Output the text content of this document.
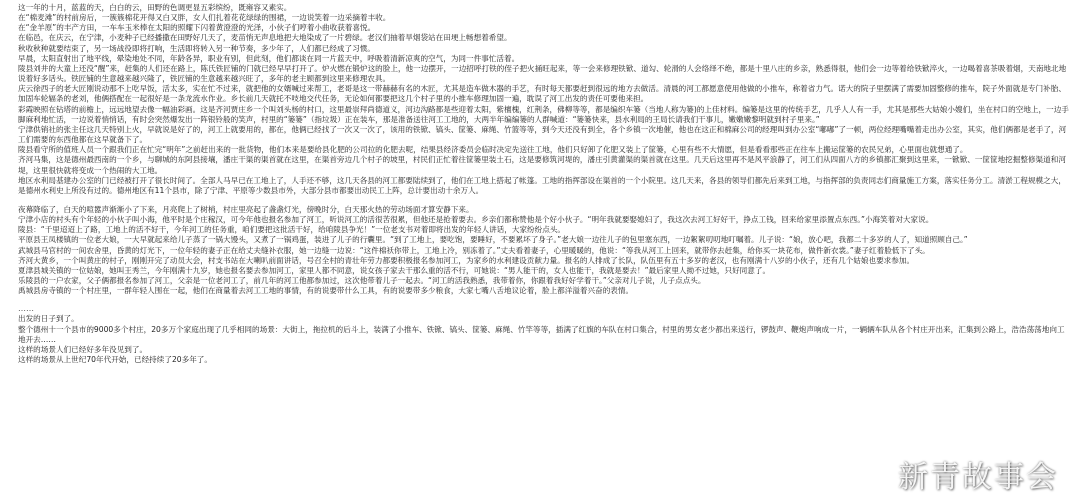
这一年的十月，蓝蓝的天，白白的云，田野的色调更显五彩缤纷，既雍容又素实。

在“棉麦滩”的村前房后，一簇簇棉花开得又白又胖，女人们扎着花花绿绿的围裙，一边说笑着一边采摘着丰收。

在“金羊原”的丰产方田，一车车玉米棒在太阳的照耀下闪着黄澄澄的光泽，小伙子们哼着小曲收获着喜悦。

在临邑，在庆云，在宁津，小麦种子已经播撒在田野好几天了，麦苗悄无声息地把大地染成了一片碧绿。老汉们抽着旱烟袋站在田埂上畅想着希望。

秋收秋种就要结束了，另一场战役即将打响，生活即将转入另一种节奏，多少年了，人们都已经成了习惯。

早晨，太阳直射出了地平线，晕染地处不同，年龄各异，职业有别，但此刻，他们都谈在同一片蓝天中，呼吸着清新凉爽的空气，为同一件事忙活着。

陵县刘井的大童上还没“醒”来，赶集的人们还在路上，陈氏铁匠铺的门就已经早早打开了。炉火燃在锻炉这的脸上，他一边摆开，一边招呼打铁的侄子把火捅旺起来，等一会来修理铁锨、道勾、轮滑的人会络绎不绝，都是十里八庄的乡亲，熟悉得很，他们会一边等着给铁锨淬火，一边喝着喜茶吸着烟，天南地北地说着好多话头。铁匠铺的生意越来越兴隆了，铁匠铺的生意越来越兴旺了，多年的老主顾都到这里来修理农具。

庆云徐西子的老大匠刚说动那不上吃早饭，活太多，实在忙不过来，就把他的女婿喊过来帮工，老哥是这一带赫赫有名的木匠，尤其是造车做木器的手艺，有时每天都要赶到很远的地方去做活。清晨的河工都愿意使用他做的小推车，称着省力气。诺大的院子里摆满了需要加固整修的推车，院子外面就是专门补胎、加固车轮辐条的老刘，他俩搭配在一起很好是一条龙流水作业。乡长前几天就托不吱地交代任务，无论如何都要把这几个村子里的小推车修理加固一遍，耽误了河工出发的责任可要他来担。

彩霞映照在钻塔的前檐上，远远地望去像一幅油彩画。这是齐河贾庄乡一个叫刘头杨的村口，这里最崇拜尚德道义，河边沟路都是些迎着太阳，紫檀槐，红荆条，佛柳等等，都是编织车篓（当地人称为篓)的上佳材料。编篓是这里的传统手艺，几乎人人有一手，尤其是那些大姑娘小嫂们，坐在村口的空地上，一边手脚麻利地忙活，一边说着悄悄话，有时会突然爆发出一阵银铃般的笑声，村里的“篓篓”（指垃圾）正在装车，那是准备送往河工工地的，大两半年编编篓的人群喊道：“篓篓快来，县水利局的王局长请我们干事儿，嫩嫩嫩黎明就到村子里来。”

宁津供销社的张主任这几天特别上火，早就说是好了的，河工上就要用的，都在，他俩已经找了一次又一次了，该用的铁锨、镐头、筐篓、麻绳、竹篮等等，到今天还没有到全，各个乡镇一次地催，他也在这正和棉麻公司的经理叫到办公室“嘟嘟”了一顿，两位经理嘴嘴着走出办公室，其实，他们俩都是老手了，河工们需要的东西他都在这早就备下了。

陵县看守所的值班人员一个跟我们正在忙完“明年”之前赶出来的一批货物，他们本来是要给县化肥的公司拉的化肥去呢，结果县经济委员会临时决定先送往工地，他们只好卸了化肥又装上了筐篓，心里有些不大情愿，但是看看那些正在往车上搬运筐篓的农民兄弟，心里面也就想通了。

齐河马集，这是德州最西南的一个乡，与聊城的东阿县接壤，潘庄干渠的渠首就在这里，在渠首旁边几个村子的坡里，村民们正忙着往筐篓里装土石，这是要修筑河堤的，潘庄引黄灌渠的渠首就在这里。几天后这里再不是风平浪静了，河工们从四面八方的乡镇都汇聚到这里来，一锨锨、一筐筐地挖掘整修渠道和河堤，这里很快就将变成一个热闹的大工地。

地区水利局基建办公室的门已经被打开了很长时间了。全部人马早已在工地上了，人手还不够，这几天各县的河工都要陆续到了，他们在工地上搭起了帐篷。工地的指挥部设在渠首的一个小院里。这几天来，各县的领导们都先后来到工地，与指挥部的负责同志们商量施工方案，落实任务分工。清淤工程规模之大，是德州水利史上所没有过的。德州地区有11个县市，除了宁津、平原等少数县市外，大部分县市都要出动民工上阵，总计要出动十余万人。

夜幕降临了，白天的喧嚣声渐渐小了下来，月亮爬上了树梢，村庄里亮起了盏盏灯光，傍晚时分，白天那火热的劳动场面才算安静下来。

宁津小店的村头有个年轻的小伙子叫小海，他平时是个庄稼汉，可今年他也报名参加了河工，听说河工的活很苦很累，但他还是抢着要去。乡亲们都称赞他是个好小伙子。“明年我就要娶媳妇了，我这次去河工好好干，挣点工钱，回来给家里添置点东西。”小海笑着对大家说。

陵县：“千里迢迢上了路，工地上的活不好干，今年河工的任务重，咱们要把这批活干好，给咱陵县争光！”一位老支书对着即将出发的年轻人讲话，大家纷纷点头。

平原县王凤楼镇的一位老大娘，一大早就起来给儿子蒸了一锅大馒头，又煮了一锅鸡蛋，装进了儿子的行囊里。“到了工地上，要吃饱，要睡好，不要累坏了身子。”老大娘一边往儿子的包里塞东西，一边絮絮叨叨地叮嘱着。儿子说：“娘，放心吧，我都二十多岁的人了，知道照顾自己。”

武城县马官村的一间农舍里，昏黄的灯光下，一位年轻的妻子正在给丈夫缝补衣服，她一边缝一边说：“这件棉袄你带上，工地上冷，别冻着了。”丈夫看着妻子，心里暖暖的，他说：“等我从河工上回来，就带你去赶集，给你买一块花布，做件新衣裳。”妻子红着脸低下了头。

齐河大黄乡，一个叫黄庄的村子，刚刚开完了动员大会，村支书站在大喇叭前面讲话，号召全村的青壮年劳力都要积极报名参加河工，为家乡的水利建设贡献力量。报名的人排成了长队，队伍里有五十多岁的老汉，也有刚满十八岁的小伙子，还有几个姑娘也要求参加。

夏津县城关镇的一位姑娘，她叫王秀兰，今年刚满十九岁，她也报名要去参加河工，家里人都不同意，说女孩子家去干那么重的活不行，可她说：“男人能干的，女人也能干，我就是要去！”最后家里人拗不过她，只好同意了。

乐陵县的一户农家，父子俩都报名参加了河工，父亲是一位老河工了，前几年的河工他都参加过，这次他带着儿子一起去。“河工的活我熟悉，我带着你，你跟着我好好学着干。”父亲对儿子说，儿子点点头。

禹城县房寺镇的一个村庄里，一群年轻人围在一起，他们在商量着去河工工地的事情，有的说要带什么工具，有的说要带多少粮食，大家七嘴八舌地议论着，脸上都洋溢着兴奋的表情。

……

出发的日子到了。

整个德州十一个县市的9000多个村庄，20多万个家庭出现了几乎相同的场景：大街上，拖拉机的后斗上，装满了小推车、铁锨、镐头、筐篓、麻绳、竹竿等等，插满了红旗的车队在村口集合，村里的男女老少都出来送行，锣鼓声、鞭炮声响成一片，一辆辆车队从各个村庄开出来，汇集到公路上，浩浩荡荡地向工地开去……

这样的场景人们已经好多年没见到了。

这样的场景从上世纪70年代开始，已经持续了20多年了。

新青故事会
